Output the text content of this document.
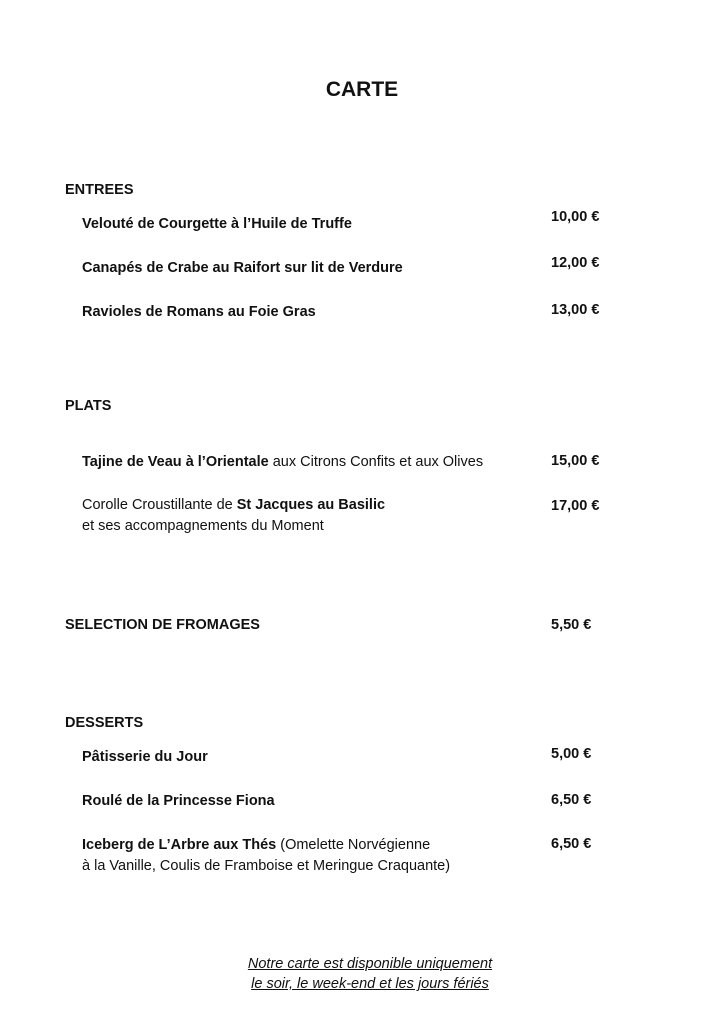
CARTE
ENTREES
Velouté de Courgette à l’Huile de Truffe	10,00 €
Canapés de Crabe au Raifort sur lit de Verdure	12,00 €
Ravioles de Romans au Foie Gras	13,00 €
PLATS
Tajine de Veau à l’Orientale aux Citrons Confits et aux Olives	15,00 €
Corolle Croustillante de St Jacques au Basilic
et ses accompagnements du Moment
17,00 €
SELECTION DE FROMAGES	5,50 €
DESSERTS
Pâtisserie du Jour	5,00 €
Roulé de la Princesse Fiona	6,50 €
Iceberg de L’Arbre aux Thés (Omelette Norvégienne
à la Vanille, Coulis de Framboise et Meringue Craquante)
6,50 €
Notre carte est disponible uniquement
le soir, le week-end et les jours fériés
